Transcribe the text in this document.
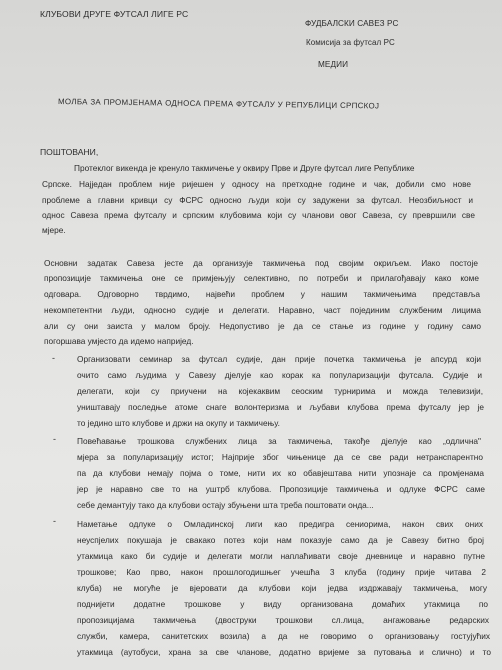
КЛУБОВИ ДРУГЕ ФУТСАЛ ЛИГЕ РС
ФУДБАЛСКИ САВЕЗ РС
Комисија за футсал РС
МЕДИИ
МОЛБА ЗА ПРОМЈЕНАМА ОДНОСА ПРЕМА ФУТСАЛУ У РЕПУБЛИЦИ СРПСКОЈ
ПОШТОВАНИ,
Протеклог викенда је кренуло такмичење у оквиру Прве и Друге футсал лиге Републике
Српске. Најједан проблем није ријешен у односу на претходне године и чак, добили смо нове
проблеме а главни кривци су ФСРС односно људи који су задужени за футсал. Неозбиљност и
однос Савеза према футсалу и српским клубовима који су чланови овог Савеза, су превршили све
мјере.
Основни задатак Савеза јесте да организује такмичења под својим окриљем. Иако постоје
пропозиције такмичења оне се примјењују селективно, по потреби и прилагођавају како коме
одговара. Одговорно тврдимо, највећи проблем у нашим такмичењима представља
некомпетентни људи, односно судије и делегати. Наравно, част појединим службеним лицима
али су они заиста у малом броју. Недопустиво је да се стање из године у годину само
погоршава умјесто да идемо напријед.
-	Организовати семинар за футсал судије, дан прије почетка такмичења је апсурд који
очито само људима у Савезу дјелује као корак ка популаризацији футсала. Судије и
делегати, који су приучени на којекаквим сеоским турнирима и можда телевизији,
уништавају последње атоме снаге волонтеризма и љубави клубова према футсалу јер је
то једино што клубове и држи на окупу и такмичењу.
-	Повећавање трошкова службених лица за такмичења, такође дјелује као „одлична"
мјера за популаризацију истог; Најприје због чињенице да се све ради нетранспарентно
па да клубови немају појма о томе, нити их ко обавјештава нити упознаје са промјенама
јер је наравно све то на уштрб клубова. Пропозиције такмичења и одлуке ФСРС саме
себе демантују тако да клубови остају збуњени шта треба поштовати онда...
-	Наметање одлуке о Омладинској лиги као предигра сениорима, након свих оних
неуспјелих покушаја је свакако потез који нам показује само да је Савезу битно број
утакмица како би судије и делегати могли наплаћивати своје дневнице и наравно путне
трошкове; Као прво, након прошлогодишњег учешћа 3 клуба (годину прије читава 2
клуба) не могуће је вјеровати да клубови који једва издржавају такмичења, могу
поднијети додатне трошкове у виду организована домаћих утакмица по
пропозицијама такмичења (двоструки трошкови сл.лица, ангажовање редарских
служби, камера, санитетских возила) а да не говоримо о организовању гостујућих
утакмица (аутобуси, храна за све чланове, додатно вријеме за путовања и слично) и то
